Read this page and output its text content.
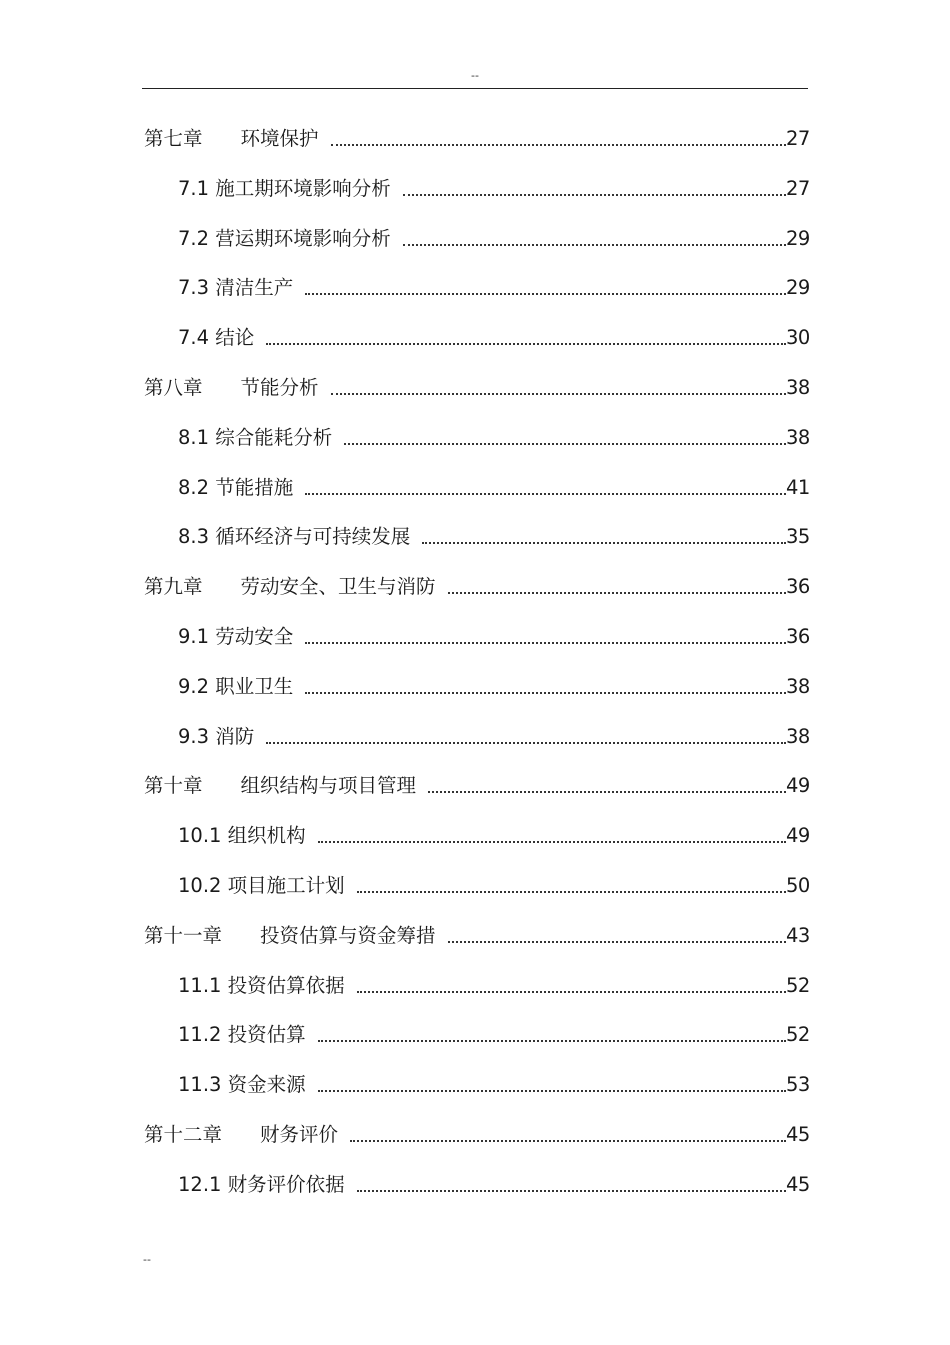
--
第七章 环境保护	27
7.1 施工期环境影响分析	27
7.2 营运期环境影响分析	29
7.3 清洁生产	29
7.4 结论	30
第八章 节能分析	38
8.1 综合能耗分析	38
8.2 节能措施	41
8.3 循环经济与可持续发展	35
第九章 劳动安全、卫生与消防	36
9.1 劳动安全	36
9.2 职业卫生	38
9.3 消防	38
第十章 组织结构与项目管理	49
10.1 组织机构	49
10.2 项目施工计划	50
第十一章 投资估算与资金筹措	43
11.1 投资估算依据	52
11.2 投资估算	52
11.3 资金来源	53
第十二章 财务评价	45
12.1 财务评价依据	45
--
